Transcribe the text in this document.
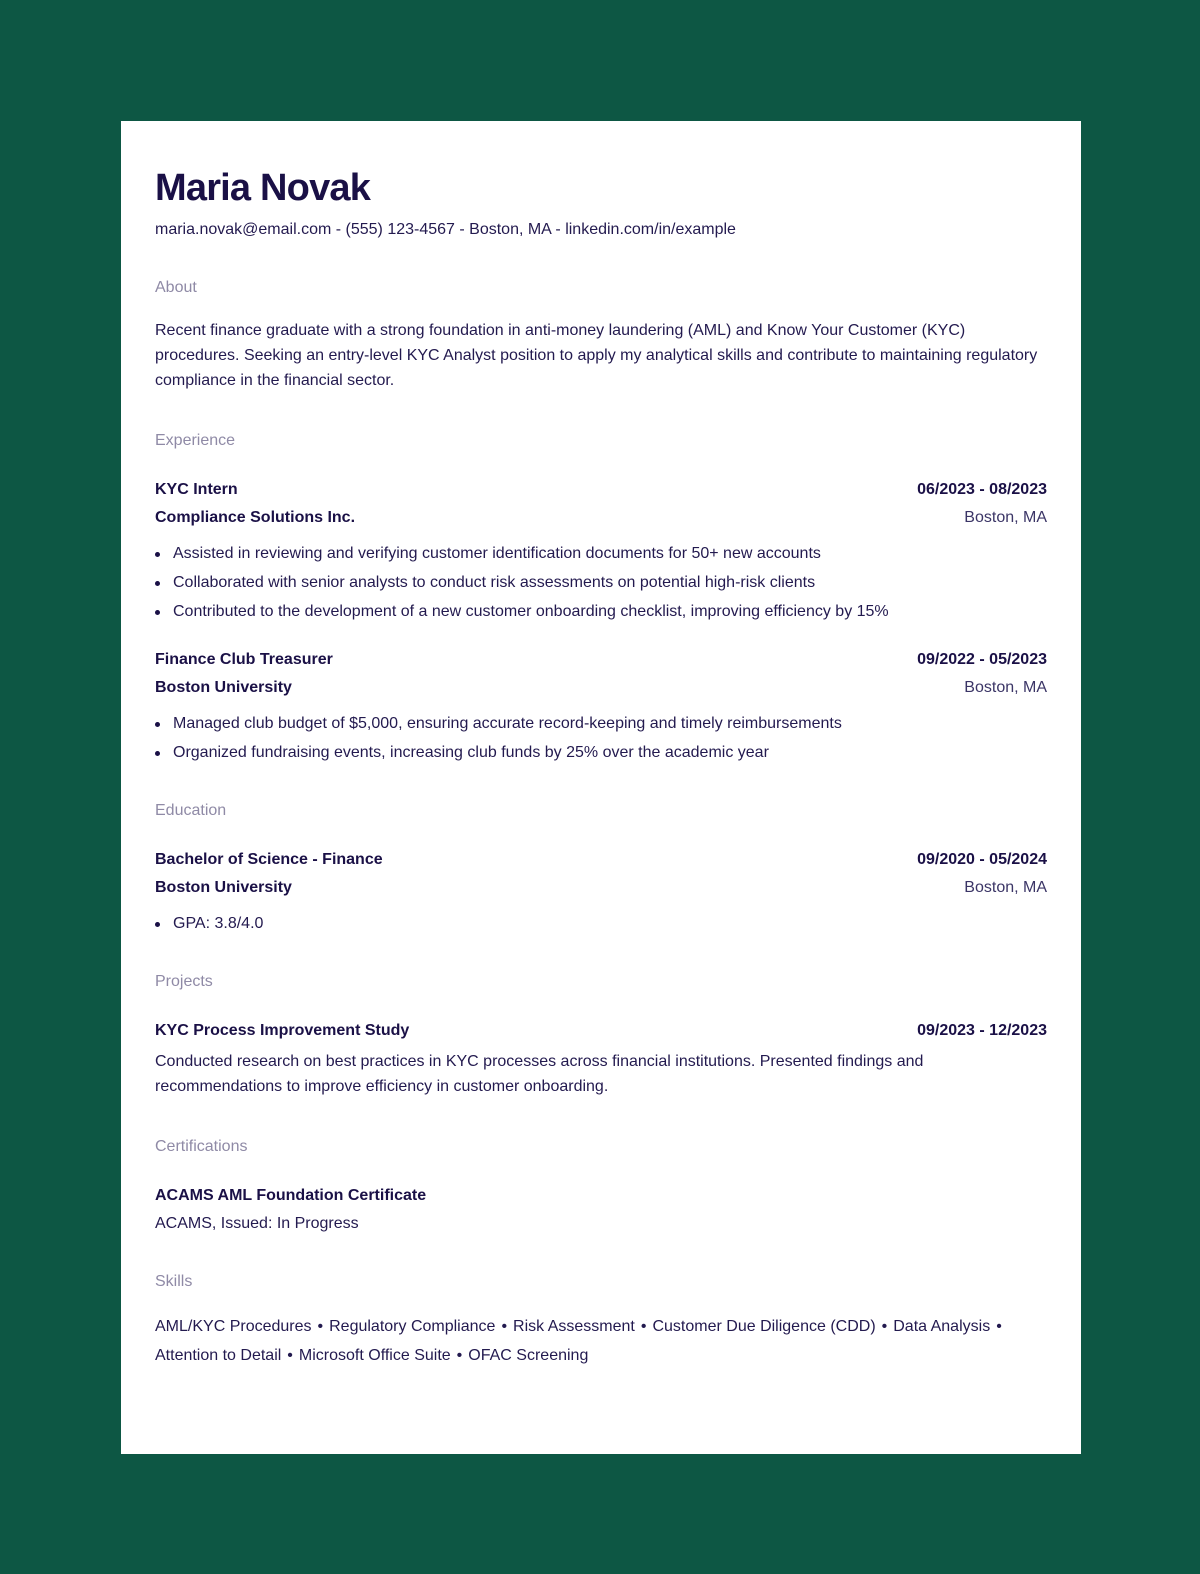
Maria Novak
maria.novak@email.com - (555) 123-4567 - Boston, MA - linkedin.com/in/example
About
Recent finance graduate with a strong foundation in anti-money laundering (AML) and Know Your Customer (KYC) procedures. Seeking an entry-level KYC Analyst position to apply my analytical skills and contribute to maintaining regulatory compliance in the financial sector.
Experience
KYC Intern	06/2023 - 08/2023
Compliance Solutions Inc.	Boston, MA
Assisted in reviewing and verifying customer identification documents for 50+ new accounts
Collaborated with senior analysts to conduct risk assessments on potential high-risk clients
Contributed to the development of a new customer onboarding checklist, improving efficiency by 15%
Finance Club Treasurer	09/2022 - 05/2023
Boston University	Boston, MA
Managed club budget of $5,000, ensuring accurate record-keeping and timely reimbursements
Organized fundraising events, increasing club funds by 25% over the academic year
Education
Bachelor of Science - Finance	09/2020 - 05/2024
Boston University	Boston, MA
GPA: 3.8/4.0
Projects
KYC Process Improvement Study	09/2023 - 12/2023
Conducted research on best practices in KYC processes across financial institutions. Presented findings and recommendations to improve efficiency in customer onboarding.
Certifications
ACAMS AML Foundation Certificate
ACAMS, Issued: In Progress
Skills
AML/KYC Procedures • Regulatory Compliance • Risk Assessment • Customer Due Diligence (CDD) • Data Analysis •Attention to Detail • Microsoft Office Suite • OFAC Screening
